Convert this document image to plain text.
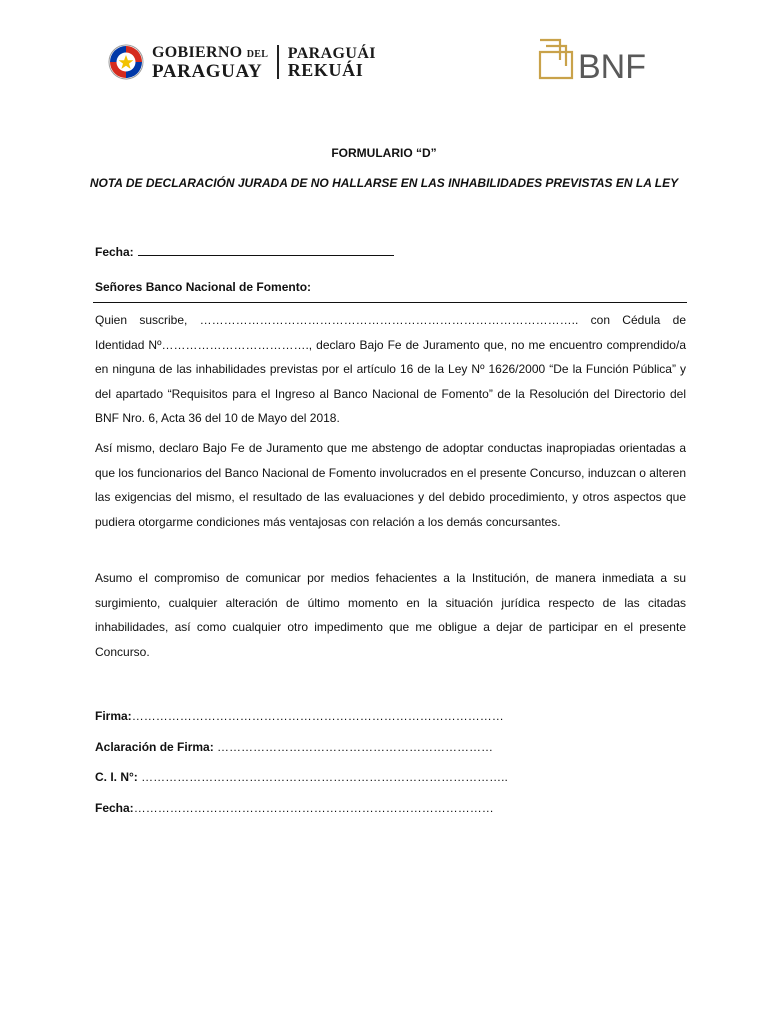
GOBIERNO DEL
PARAGUAY
PARAGUÁI
REKUÁI	BNF
FORMULARIO “D”
NOTA DE DECLARACIÓN JURADA DE NO HALLARSE EN LAS INHABILIDADES PREVISTAS EN LA LEY
Fecha:
Señores Banco Nacional de Fomento:
Quien suscribe, ………………………………………………………………………………….. con Cédula de Identidad Nº………………………………., declaro Bajo Fe de Juramento que, no me encuentro comprendido/a en ninguna de las inhabilidades previstas por el artículo 16 de la Ley Nº 1626/2000 “De la Función Pública” y del apartado “Requisitos para el Ingreso al Banco Nacional de Fomento” de la Resolución del Directorio del BNF Nro. 6, Acta 36 del 10 de Mayo del 2018.
Así mismo, declaro Bajo Fe de Juramento que me abstengo de adoptar conductas inapropiadas orientadas a que los funcionarios del Banco Nacional de Fomento involucrados en el presente Concurso, induzcan o alteren las exigencias del mismo, el resultado de las evaluaciones y del debido procedimiento, y otros aspectos que pudiera otorgarme condiciones más ventajosas con relación a los demás concursantes.
Asumo el compromiso de comunicar por medios fehacientes a la Institución, de manera inmediata a su surgimiento, cualquier alteración de último momento en la situación jurídica respecto de las citadas inhabilidades, así como cualquier otro impedimento que me obligue a dejar de participar en el presente Concurso.
Firma:…………………………………………………………………………………
Aclaración de Firma: ……………………………………………………………
C. I. N°: ………………………………………………………………………………..
Fecha:………………………………………………………………………………
